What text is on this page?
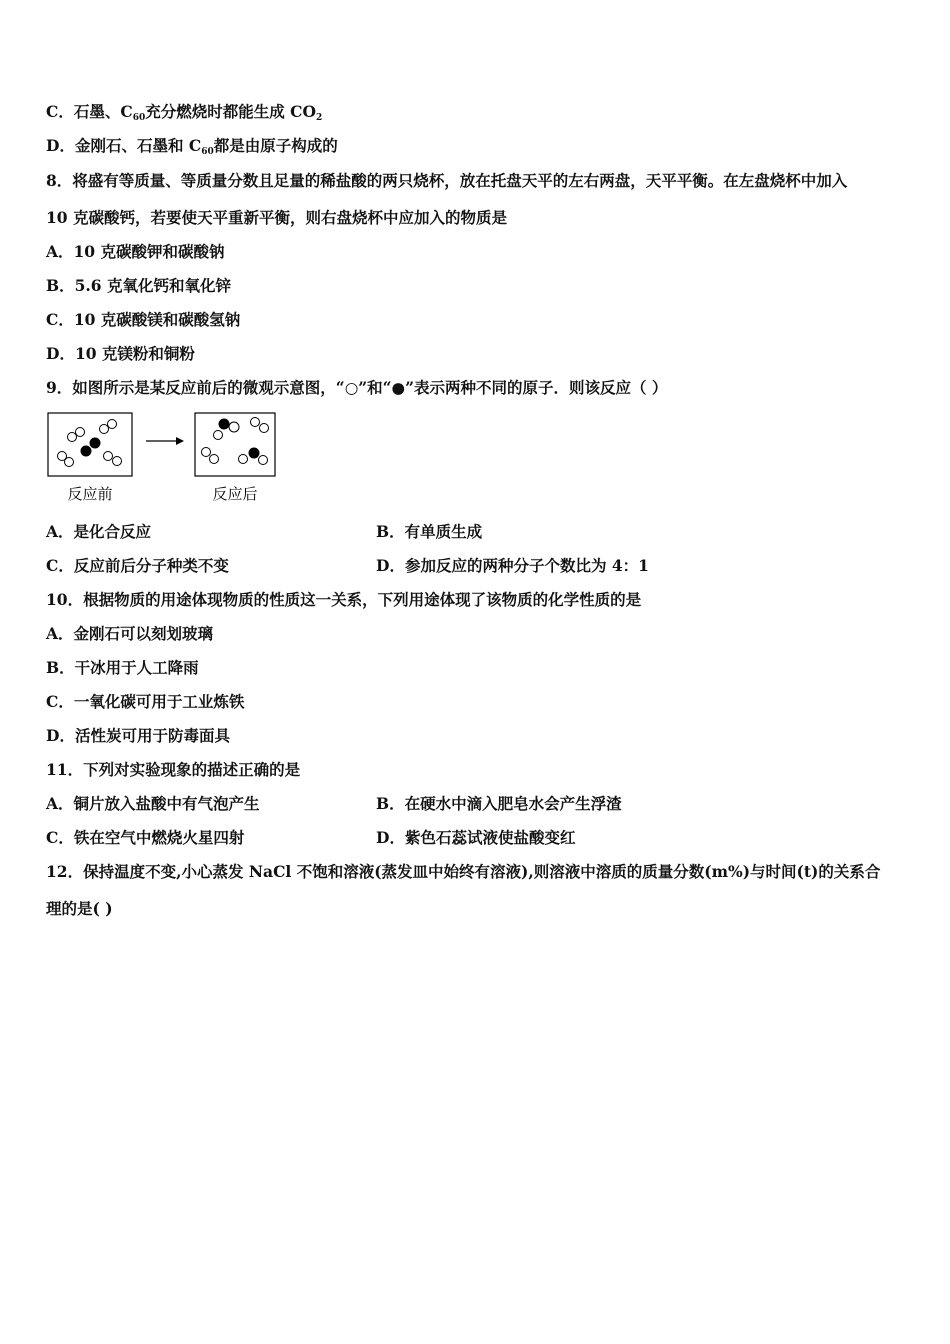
C．石墨、$C_{60}$充分燃烧时都能生成 $CO_2$
D．金刚石、石墨和 $C_{60}$都是由原子构成的
8．将盛有等质量、等质量分数且足量的稀盐酸的两只烧杯，放在托盘天平的左右两盘，天平平衡。在左盘烧杯中加入
10 克碳酸钙，若要使天平重新平衡，则右盘烧杯中应加入的物质是
A．10 克碳酸钾和碳酸钠
B．5.6 克氧化钙和氧化锌
C．10 克碳酸镁和碳酸氢钠
D．10 克镁粉和铜粉
9．如图所示是某反应前后的微观示意图，“○”和“●”表示两种不同的原子．则该反应（ ）
反应前	反应后
A．是化合反应	B．有单质生成
C．反应前后分子种类不变	D．参加反应的两种分子个数比为 4：1
10．根据物质的用途体现物质的性质这一关系，下列用途体现了该物质的化学性质的是
A．金刚石可以刻划玻璃
B．干冰用于人工降雨
C．一氧化碳可用于工业炼铁
D．活性炭可用于防毒面具
11．下列对实验现象的描述正确的是
A．铜片放入盐酸中有气泡产生	B．在硬水中滴入肥皂水会产生浮渣
C．铁在空气中燃烧火星四射	D．紫色石蕊试液使盐酸变红
12．保持温度不变,小心蒸发 NaCl 不饱和溶液(蒸发皿中始终有溶液),则溶液中溶质的质量分数(m%)与时间(t)的关系合
理的是( )
